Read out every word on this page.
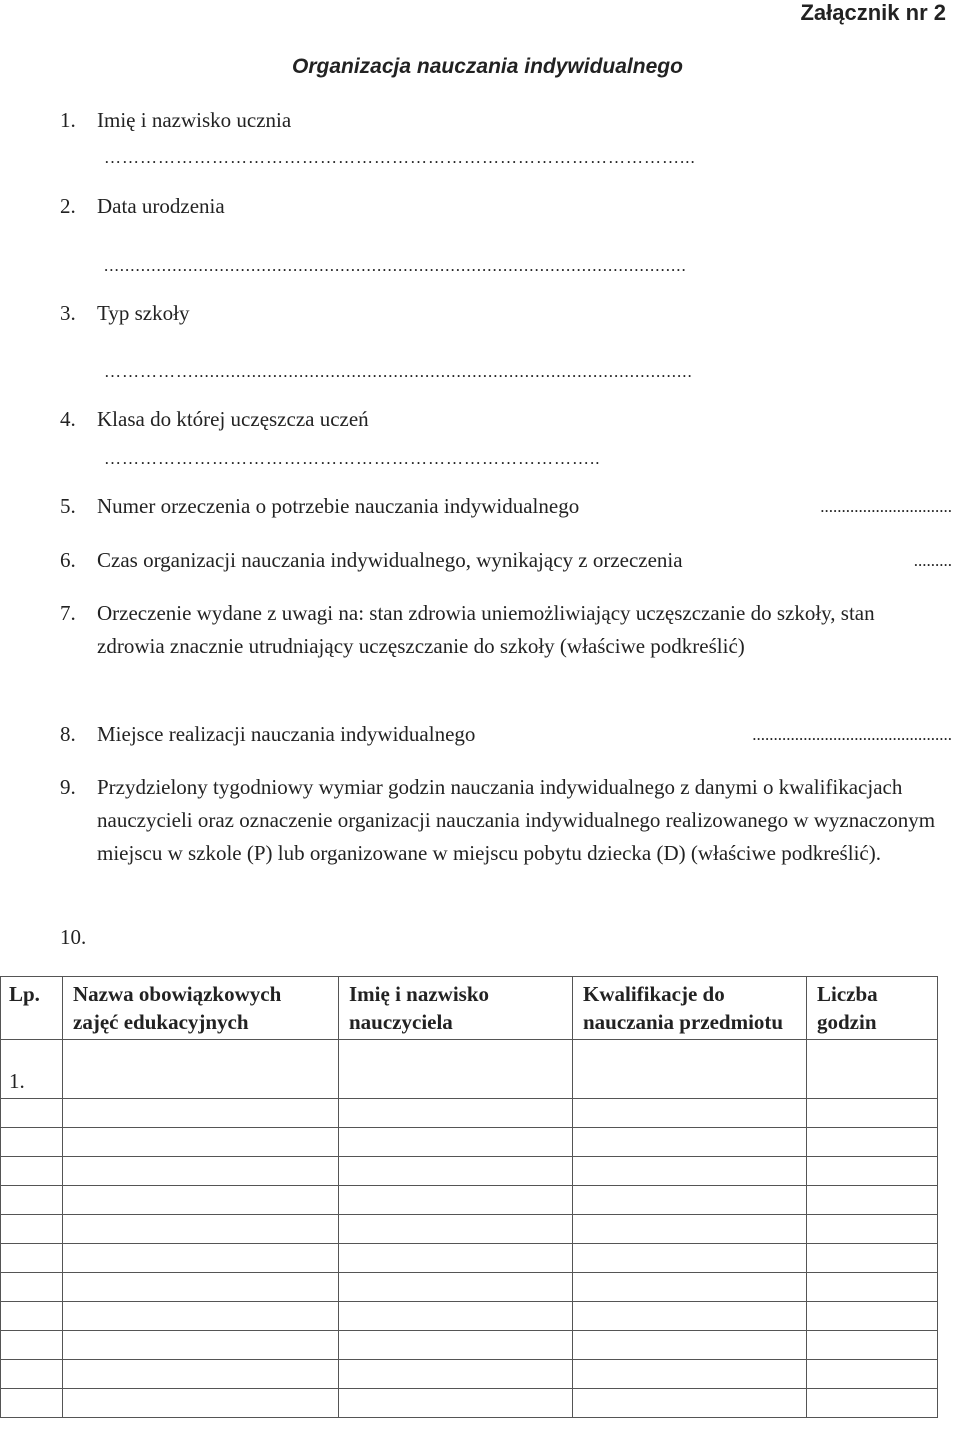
Załącznik nr 2
Organizacja nauczania indywidualnego
1. Imię i nazwisko ucznia
……………………………………………………………………………………...
2. Data urodzenia
...............................................................................................................
3. Typ szkoły
……………...............................................................................................
4. Klasa do której uczęszcza uczeń
………………………………………………………………………..
5. Numer orzeczenia o potrzebie nauczania indywidualnego	...............................
6. Czas organizacji nauczania indywidualnego, wynikający z orzeczenia	.........
7. Orzeczenie wydane z uwagi na: stan zdrowia uniemożliwiający uczęszczanie do szkoły, stan zdrowia znacznie utrudniający uczęszczanie do szkoły (właściwe podkreślić)
8. Miejsce realizacji nauczania indywidualnego	...............................................
9. Przydzielony tygodniowy wymiar godzin nauczania indywidualnego z danymi o kwalifikacjach nauczycieli oraz oznaczenie organizacji nauczania indywidualnego realizowanego w wyznaczonym miejscu w szkole (P) lub organizowane w miejscu pobytu dziecka (D) (właściwe podkreślić).
10.
Lp.	Nazwa obowiązkowych zajęć edukacyjnych	Imię i nazwisko nauczyciela	Kwalifikacje do nauczania przedmiotu	Liczba godzin
1.				
